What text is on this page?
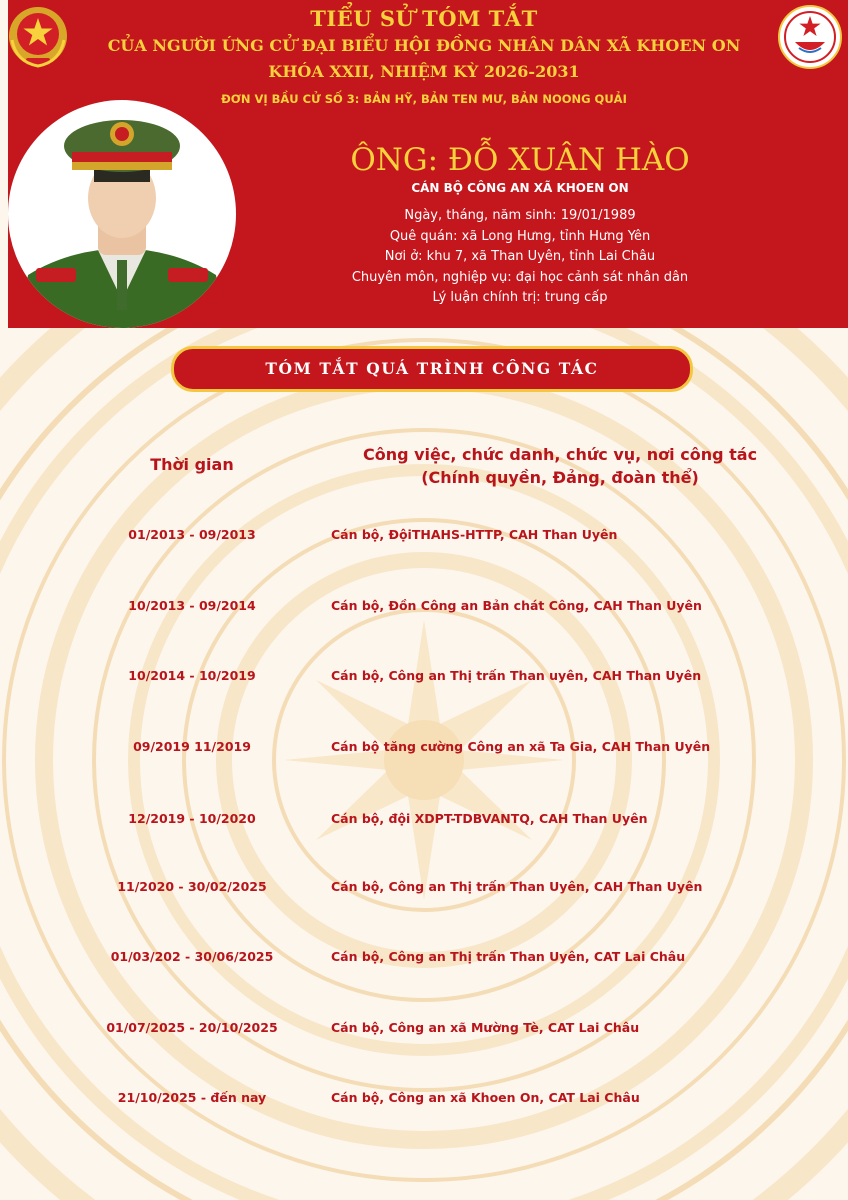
TIỂU SỬ TÓM TẮT
CỦA NGƯỜI ỨNG CỬ ĐẠI BIỂU HỘI ĐỒNG NHÂN DÂN XÃ KHOEN ON
KHÓA XXII, NHIỆM KỲ 2026-2031
ĐƠN VỊ BẦU CỬ SỐ 3: BẢN HỸ, BẢN TEN MƯ, BẢN NOONG QUẢI
ÔNG: ĐỖ XUÂN HÀO
CÁN BỘ CÔNG AN XÃ KHOEN ON
Ngày, tháng, năm sinh: 19/01/1989
Quê quán: xã Long Hưng, tỉnh Hưng Yên
Nơi ở: khu 7, xã Than Uyên, tỉnh Lai Châu
Chuyên môn, nghiệp vụ: đại học cảnh sát nhân dân
Lý luận chính trị: trung cấp
TÓM TẮT QUÁ TRÌNH CÔNG TÁC
Thời gian
Công việc, chức danh, chức vụ, nơi công tác
(Chính quyền, Đảng, đoàn thể)
01/2013 - 09/2013	Cán bộ, ĐộiTHAHS-HTTP, CAH Than Uyên
10/2013 - 09/2014	Cán bộ, Đồn Công an Bản chát Công, CAH Than Uyên
10/2014 - 10/2019	Cán bộ, Công an Thị trấn Than uyên, CAH Than Uyên
09/2019 11/2019	Cán bộ tăng cường Công an xã Ta Gia, CAH Than Uyên
12/2019 - 10/2020	Cán bộ, đội XDPT-TDBVANTQ, CAH Than Uyên
11/2020 - 30/02/2025	Cán bộ, Công an Thị trấn Than Uyên, CAH Than Uyên
01/03/202 - 30/06/2025	Cán bộ, Công an Thị trấn Than Uyên, CAT Lai Châu
01/07/2025 - 20/10/2025	Cán bộ, Công an xã Mường Tè, CAT Lai Châu
21/10/2025 - đến nay	Cán bộ, Công an xã Khoen On, CAT Lai Châu
